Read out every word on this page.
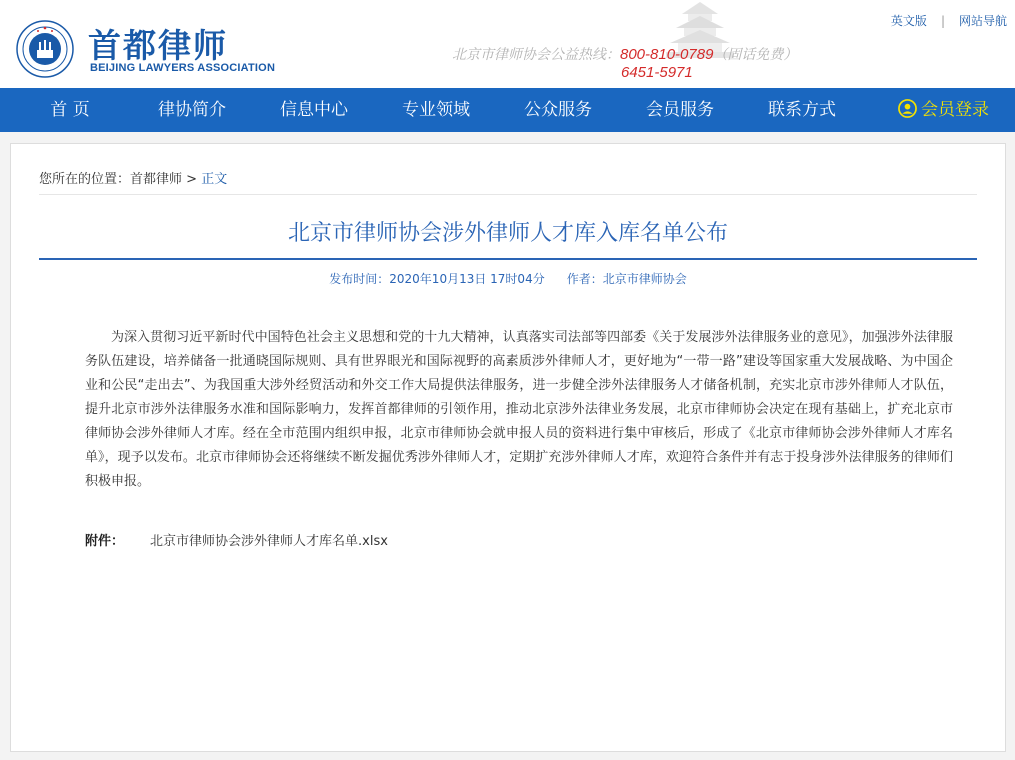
首都律师
BEIJING LAWYERS ASSOCIATION
北京市律师协会公益热线：800-810-0789（固话免费）
6451-5971
英文版 | 网站导航
首 页	律协简介	信息中心	专业领域	公众服务	会员服务	联系方式	会员登录
您所在的位置：首都律师 > 正文
北京市律师协会涉外律师人才库入库名单公布
发布时间：2020年10月13日 17时04分 作者：北京市律师协会

为深入贯彻习近平新时代中国特色社会主义思想和党的十九大精神，认真落实司法部等四部委《关于发展涉外法律服务业的意见》，加强涉外法律服务队伍建设，培养储备一批通晓国际规则、具有世界眼光和国际视野的高素质涉外律师人才，更好地为“一带一路”建设等国家重大发展战略、为中国企业和公民“走出去”、为我国重大涉外经贸活动和外交工作大局提供法律服务，进一步健全涉外法律服务人才储备机制，充实北京市涉外律师人才队伍，提升北京市涉外法律服务水准和国际影响力，发挥首都律师的引领作用，推动北京涉外法律业务发展，北京市律师协会决定在现有基础上，扩充北京市律师协会涉外律师人才库。经在全市范围内组织申报，北京市律师协会就申报人员的资料进行集中审核后，形成了《北京市律师协会涉外律师人才库名单》，现予以发布。北京市律师协会还将继续不断发掘优秀涉外律师人才，定期扩充涉外律师人才库，欢迎符合条件并有志于投身涉外法律服务的律师们积极申报。

附件： 北京市律师协会涉外律师人才库名单.xlsx
